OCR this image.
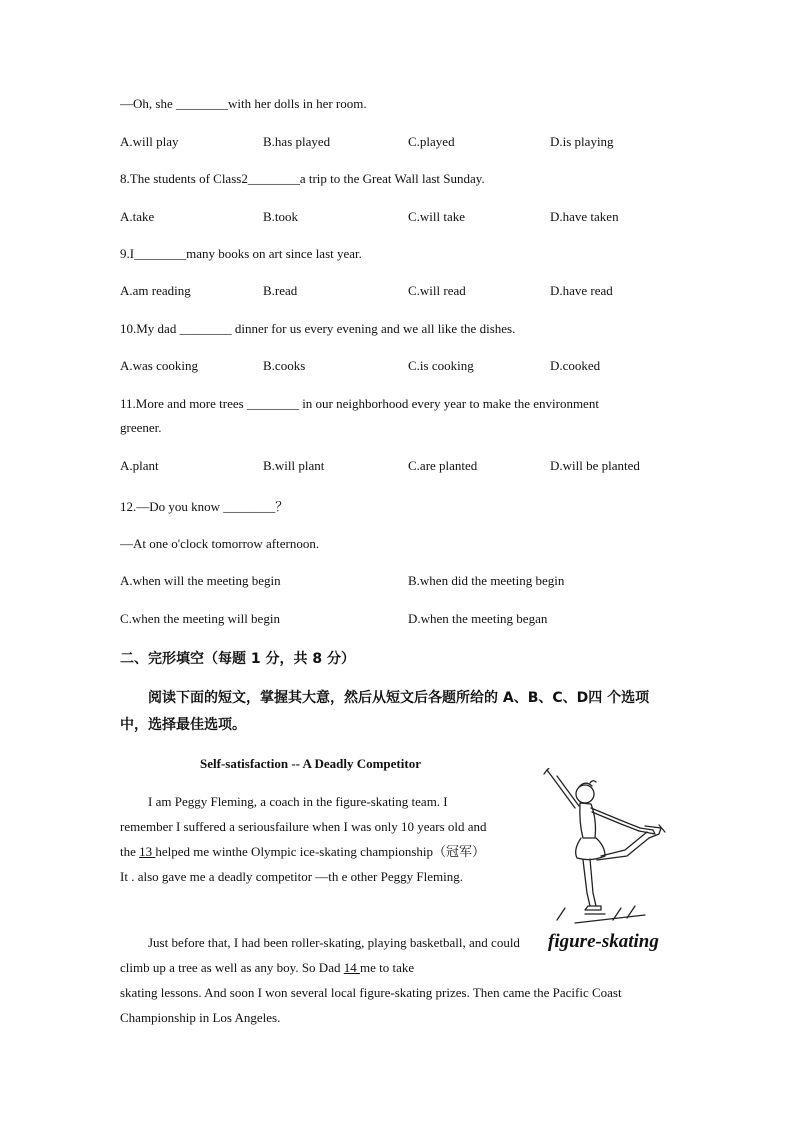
—Oh, she ________with her dolls in her room.
A.will play	B.has played	C.played	D.is playing
8.The students of Class2________a trip to the Great Wall last Sunday.
A.take	B.took	C.will take	D.have taken
9.I________many books on art since last year.
A.am reading	B.read	C.will read	D.have read
10.My dad ________ dinner for us every evening and we all like the dishes.
A.was cooking	B.cooks	C.is cooking	D.cooked
11.More and more trees ________ in our neighborhood every year to make the environment
greener.
A.plant	B.will plant	C.are planted	D.will be planted
12.—Do you know ________？
—At one o'clock tomorrow afternoon.
A.when will the meeting begin	B.when did the meeting begin
C.when the meeting will begin	D.when the meeting began
二、完形填空（每题 1 分，共 8 分）
阅读下面的短文，掌握其大意，然后从短文后各题所给的 A、B、C、D四 个选项中，选择最佳选项。
Self-satisfaction -- A Deadly Competitor
I am Peggy Fleming, a coach in the figure-skating team. I remember I suffered a seriousfailure when I was only 10 years old and the 13 helped me winthe Olympic ice-skating championship（冠军）It . also gave me a deadly competitor —th e other Peggy Fleming.
Just before that, I had been roller-skating, playing basketball, and could climb up a tree as well as any boy. So Dad 14 me to take
skating lessons. And soon I won several local figure-skating prizes. Then came the Pacific Coast Championship in Los Angeles.
figure-skating
